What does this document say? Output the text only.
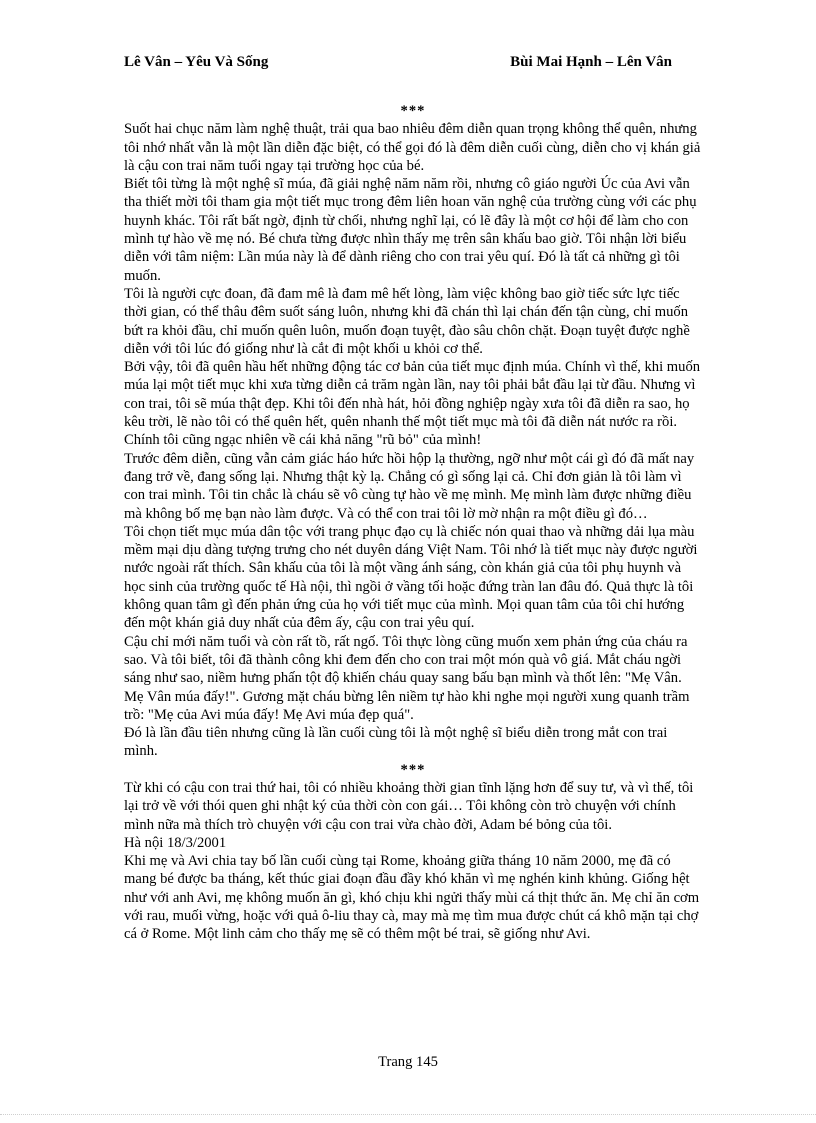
Lê Vân – Yêu Và Sống	Bùi Mai Hạnh – Lên Vân
***

Suốt hai chục năm làm nghệ thuật, trải qua bao nhiêu đêm diễn quan trọng không thể quên, nhưng tôi nhớ nhất vẫn là một lần diễn đặc biệt, có thể gọi đó là đêm diễn cuối cùng, diễn cho vị khán giả là cậu con trai năm tuổi ngay tại trường học của bé.

Biết tôi từng là một nghệ sĩ múa, đã giải nghệ năm năm rồi, nhưng cô giáo người Úc của Avi vẫn tha thiết mời tôi tham gia một tiết mục trong đêm liên hoan văn nghệ của trường cùng với các phụ huynh khác. Tôi rất bất ngờ, định từ chối, nhưng nghĩ lại, có lẽ đây là một cơ hội để làm cho con mình tự hào về mẹ nó. Bé chưa từng được nhìn thấy mẹ trên sân khấu bao giờ. Tôi nhận lời biểu diễn với tâm niệm: Lần múa này là để dành riêng cho con trai yêu quí. Đó là tất cả những gì tôi muốn.

Tôi là người cực đoan, đã đam mê là đam mê hết lòng, làm việc không bao giờ tiếc sức lực tiếc thời gian, có thể thâu đêm suốt sáng luôn, nhưng khi đã chán thì lại chán đến tận cùng, chỉ muốn bứt ra khỏi đầu, chỉ muốn quên luôn, muốn đoạn tuyệt, đào sâu chôn chặt. Đoạn tuyệt được nghề diễn với tôi lúc đó giống như là cắt đi một khối u khỏi cơ thể.

Bởi vậy, tôi đã quên hầu hết những động tác cơ bản của tiết mục định múa. Chính vì thế, khi muốn múa lại một tiết mục khi xưa từng diễn cả trăm ngàn lần, nay tôi phải bắt đầu lại từ đầu. Nhưng vì con trai, tôi sẽ múa thật đẹp. Khi tôi đến nhà hát, hỏi đồng nghiệp ngày xưa tôi đã diễn ra sao, họ kêu trời, lẽ nào tôi có thể quên hết, quên nhanh thế một tiết mục mà tôi đã diễn nát nước ra rồi. Chính tôi cũng ngạc nhiên về cái khả năng "rũ bỏ" của mình!

Trước đêm diễn, cũng vẫn cảm giác háo hức hồi hộp lạ thường, ngỡ như một cái gì đó đã mất nay đang trở về, đang sống lại. Nhưng thật kỳ lạ. Chẳng có gì sống lại cả. Chỉ đơn giản là tôi làm vì con trai mình. Tôi tin chắc là cháu sẽ vô cùng tự hào về mẹ mình. Mẹ mình làm được những điều mà không bố mẹ bạn nào làm được. Và có thể con trai tôi lờ mờ nhận ra một điều gì đó…

Tôi chọn tiết mục múa dân tộc với trang phục đạo cụ là chiếc nón quai thao và những dải lụa màu mềm mại dịu dàng tượng trưng cho nét duyên dáng Việt Nam. Tôi nhớ là tiết mục này được người nước ngoài rất thích. Sân khấu của tôi là một vầng ánh sáng, còn khán giả của tôi phụ huynh và học sinh của trường quốc tế Hà nội, thì ngồi ở vầng tối hoặc đứng tràn lan đâu đó. Quả thực là tôi không quan tâm gì đến phản ứng của họ với tiết mục của mình. Mọi quan tâm của tôi chỉ hướng đến một khán giả duy nhất của đêm ấy, cậu con trai yêu quí.

Cậu chỉ mới năm tuổi và còn rất tồ, rất ngố. Tôi thực lòng cũng muốn xem phản ứng của cháu ra sao. Và tôi biết, tôi đã thành công khi đem đến cho con trai một món quà vô giá. Mắt cháu ngời sáng như sao, niềm hưng phấn tột độ khiến cháu quay sang bấu bạn mình và thốt lên: "Mẹ Vân. Mẹ Vân múa đấy!". Gương mặt cháu bừng lên niềm tự hào khi nghe mọi người xung quanh trầm trồ: "Mẹ của Avi múa đấy! Mẹ Avi múa đẹp quá".

Đó là lần đầu tiên nhưng cũng là lần cuối cùng tôi là một nghệ sĩ biểu diễn trong mắt con trai mình.

***

Từ khi có cậu con trai thứ hai, tôi có nhiều khoảng thời gian tĩnh lặng hơn để suy tư, và vì thế, tôi lại trở về với thói quen ghi nhật ký của thời còn con gái… Tôi không còn trò chuyện với chính mình nữa mà thích trò chuyện với cậu con trai vừa chào đời, Adam bé bỏng của tôi.

Hà nội 18/3/2001

Khi mẹ và Avi chia tay bố lần cuối cùng tại Rome, khoảng giữa tháng 10 năm 2000, mẹ đã có mang bé được ba tháng, kết thúc giai đoạn đầu đầy khó khăn vì mẹ nghén kinh khủng. Giống hệt như với anh Avi, mẹ không muốn ăn gì, khó chịu khi ngửi thấy mùi cá thịt thức ăn. Mẹ chỉ ăn cơm với rau, muối vừng, hoặc với quả ô-liu thay cà, may mà mẹ tìm mua được chút cá khô mặn tại chợ cá ở Rome. Một linh cảm cho thấy mẹ sẽ có thêm một bé trai, sẽ giống như Avi.

Trang 145
